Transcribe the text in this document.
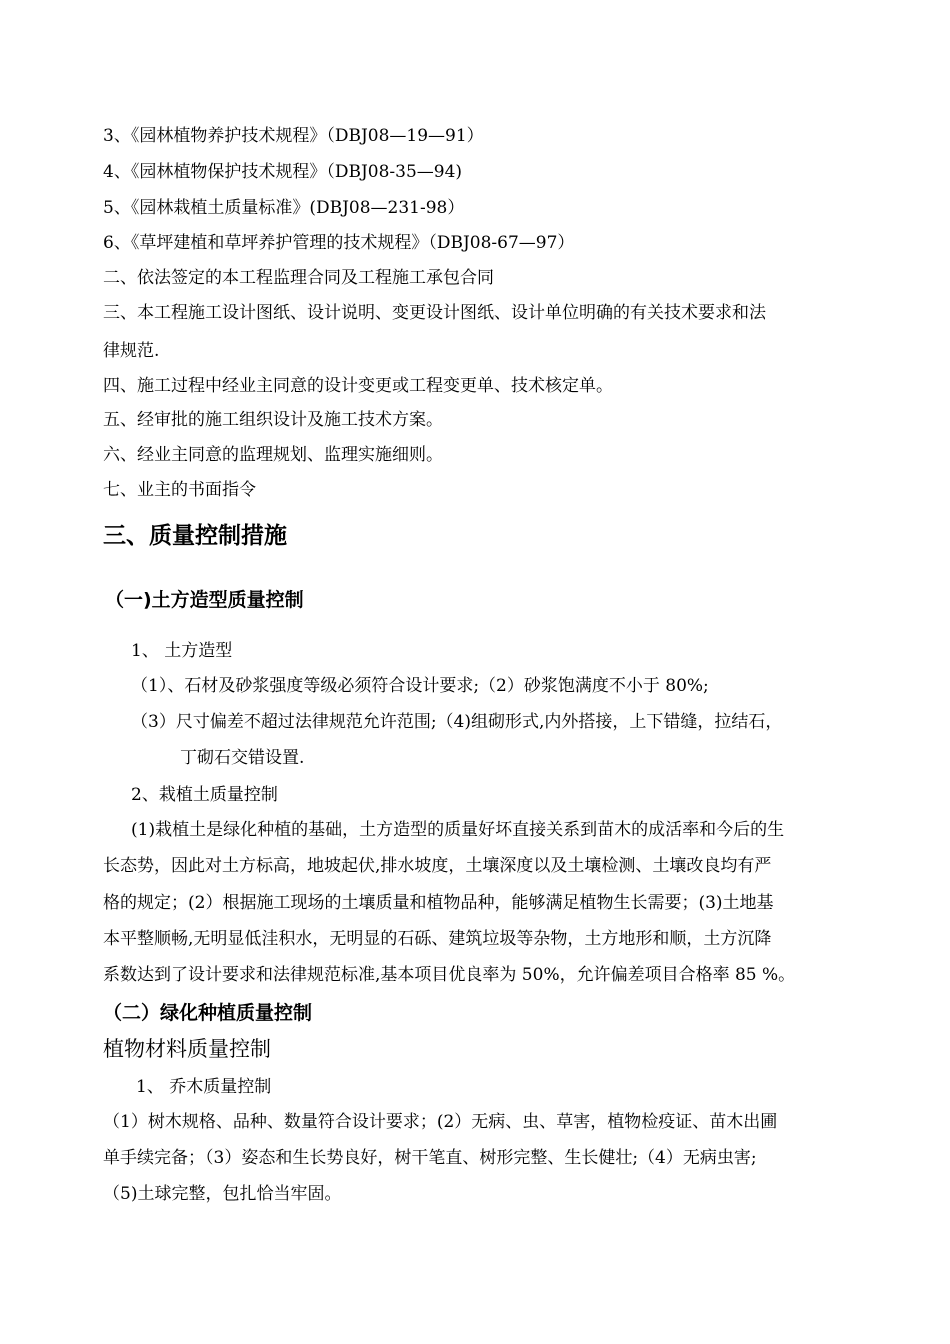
3、《园林植物养护技术规程》（DBJ08—19—91）
4、《园林植物保护技术规程》（DBJ08-35—94)
5、《园林栽植土质量标准》(DBJ08—231-98）
6、《草坪建植和草坪养护管理的技术规程》（DBJ08-67—97）
二、依法签定的本工程监理合同及工程施工承包合同
三、本工程施工设计图纸、设计说明、变更设计图纸、设计单位明确的有关技术要求和法
律规范.
四、施工过程中经业主同意的设计变更或工程变更单、技术核定单。
五、经审批的施工组织设计及施工技术方案。
六、经业主同意的监理规划、监理实施细则。
七、业主的书面指令
三、质量控制措施
（一)土方造型质量控制
1、 土方造型
（1）、石材及砂浆强度等级必须符合设计要求;（2）砂浆饱满度不小于 80%;
（3）尺寸偏差不超过法律规范允许范围;（4)组砌形式,内外搭接，上下错缝，拉结石，
丁砌石交错设置.
2、栽植土质量控制
(1)栽植土是绿化种植的基础，土方造型的质量好坏直接关系到苗木的成活率和今后的生
长态势，因此对土方标高，地坡起伏,排水坡度，土壤深度以及土壤检测、土壤改良均有严
格的规定；(2）根据施工现场的土壤质量和植物品种，能够满足植物生长需要；(3)土地基
本平整顺畅,无明显低洼积水，无明显的石砾、建筑垃圾等杂物，土方地形和顺，土方沉降
系数达到了设计要求和法律规范标准,基本项目优良率为 50%，允许偏差项目合格率 85 %。
（二）绿化种植质量控制
植物材料质量控制
1、 乔木质量控制
（1）树木规格、品种、数量符合设计要求；(2）无病、虫、草害，植物检疫证、苗木出圃
单手续完备；（3）姿态和生长势良好，树干笔直、树形完整、生长健壮;（4）无病虫害;
（5)土球完整，包扎恰当牢固。
